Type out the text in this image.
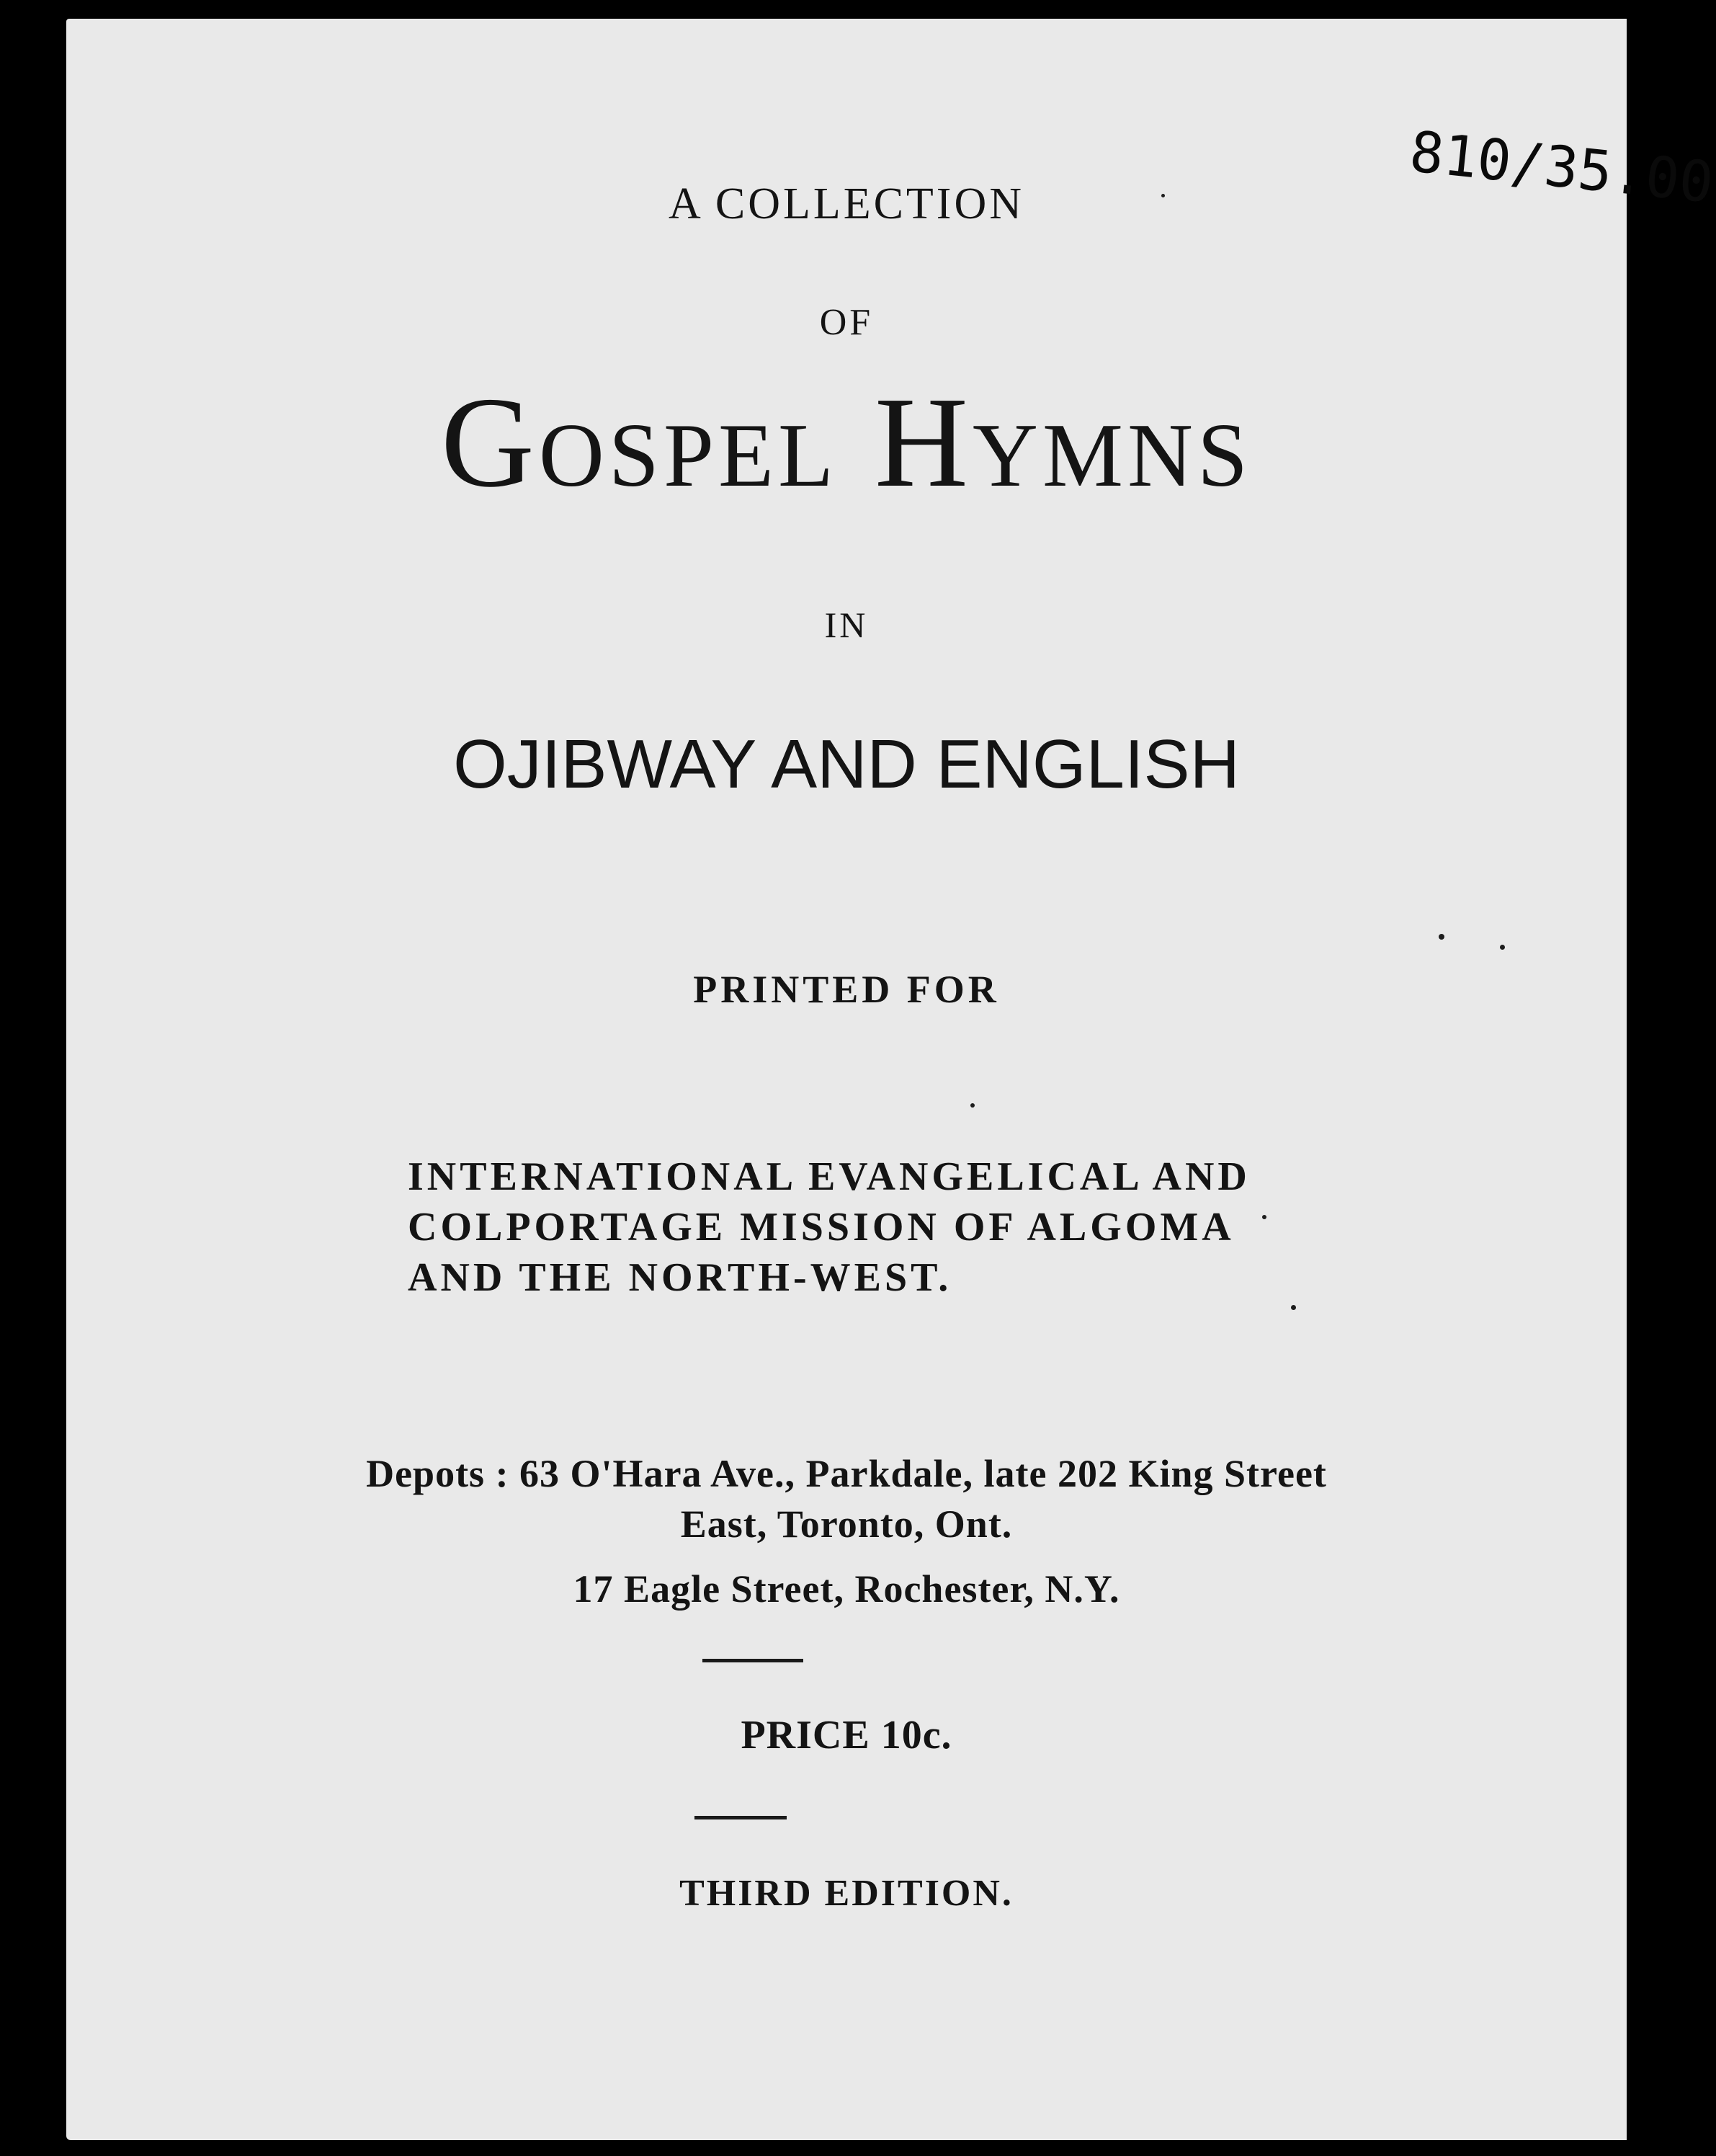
A COLLECTION

OF

Gospel Hymns

IN

OJIBWAY AND ENGLISH

PRINTED FOR

INTERNATIONAL EVANGELICAL AND
COLPORTAGE MISSION OF ALGOMA
AND THE NORTH-WEST.

Depots : 63 O'Hara Ave., Parkdale, late 202 King Street

East, Toronto, Ont.

17 Eagle Street, Rochester, N.Y.

PRICE 10c.

THIRD EDITION.

810/35.00
